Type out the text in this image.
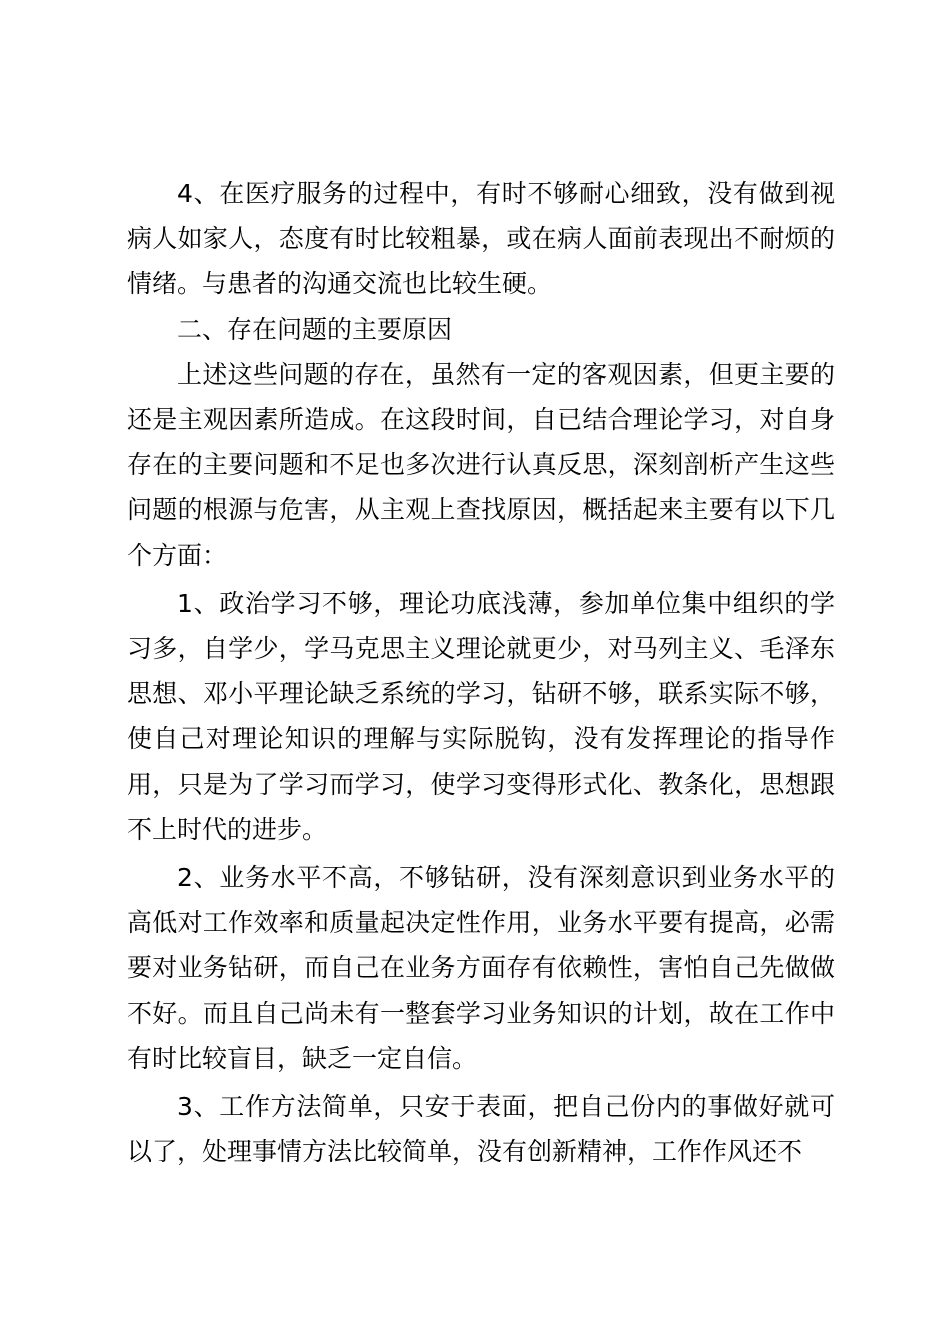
4、在医疗服务的过程中，有时不够耐心细致，没有做到视病人如家人，态度有时比较粗暴，或在病人面前表现出不耐烦的情绪。与患者的沟通交流也比较生硬。

二、存在问题的主要原因

上述这些问题的存在，虽然有一定的客观因素，但更主要的还是主观因素所造成。在这段时间，自已结合理论学习，对自身存在的主要问题和不足也多次进行认真反思，深刻剖析产生这些问题的根源与危害，从主观上查找原因，概括起来主要有以下几个方面：

1、政治学习不够，理论功底浅薄，参加单位集中组织的学习多，自学少，学马克思主义理论就更少，对马列主义、毛泽东思想、邓小平理论缺乏系统的学习，钻研不够，联系实际不够，使自己对理论知识的理解与实际脱钩，没有发挥理论的指导作用，只是为了学习而学习，使学习变得形式化、教条化，思想跟不上时代的进步。

2、业务水平不高，不够钻研，没有深刻意识到业务水平的高低对工作效率和质量起决定性作用，业务水平要有提高，必需要对业务钻研，而自己在业务方面存有依赖性，害怕自己先做做不好。而且自己尚未有一整套学习业务知识的计划，故在工作中有时比较盲目，缺乏一定自信。

3、工作方法简单，只安于表面，把自己份内的事做好就可以了，处理事情方法比较简单，没有创新精神，工作作风还不
